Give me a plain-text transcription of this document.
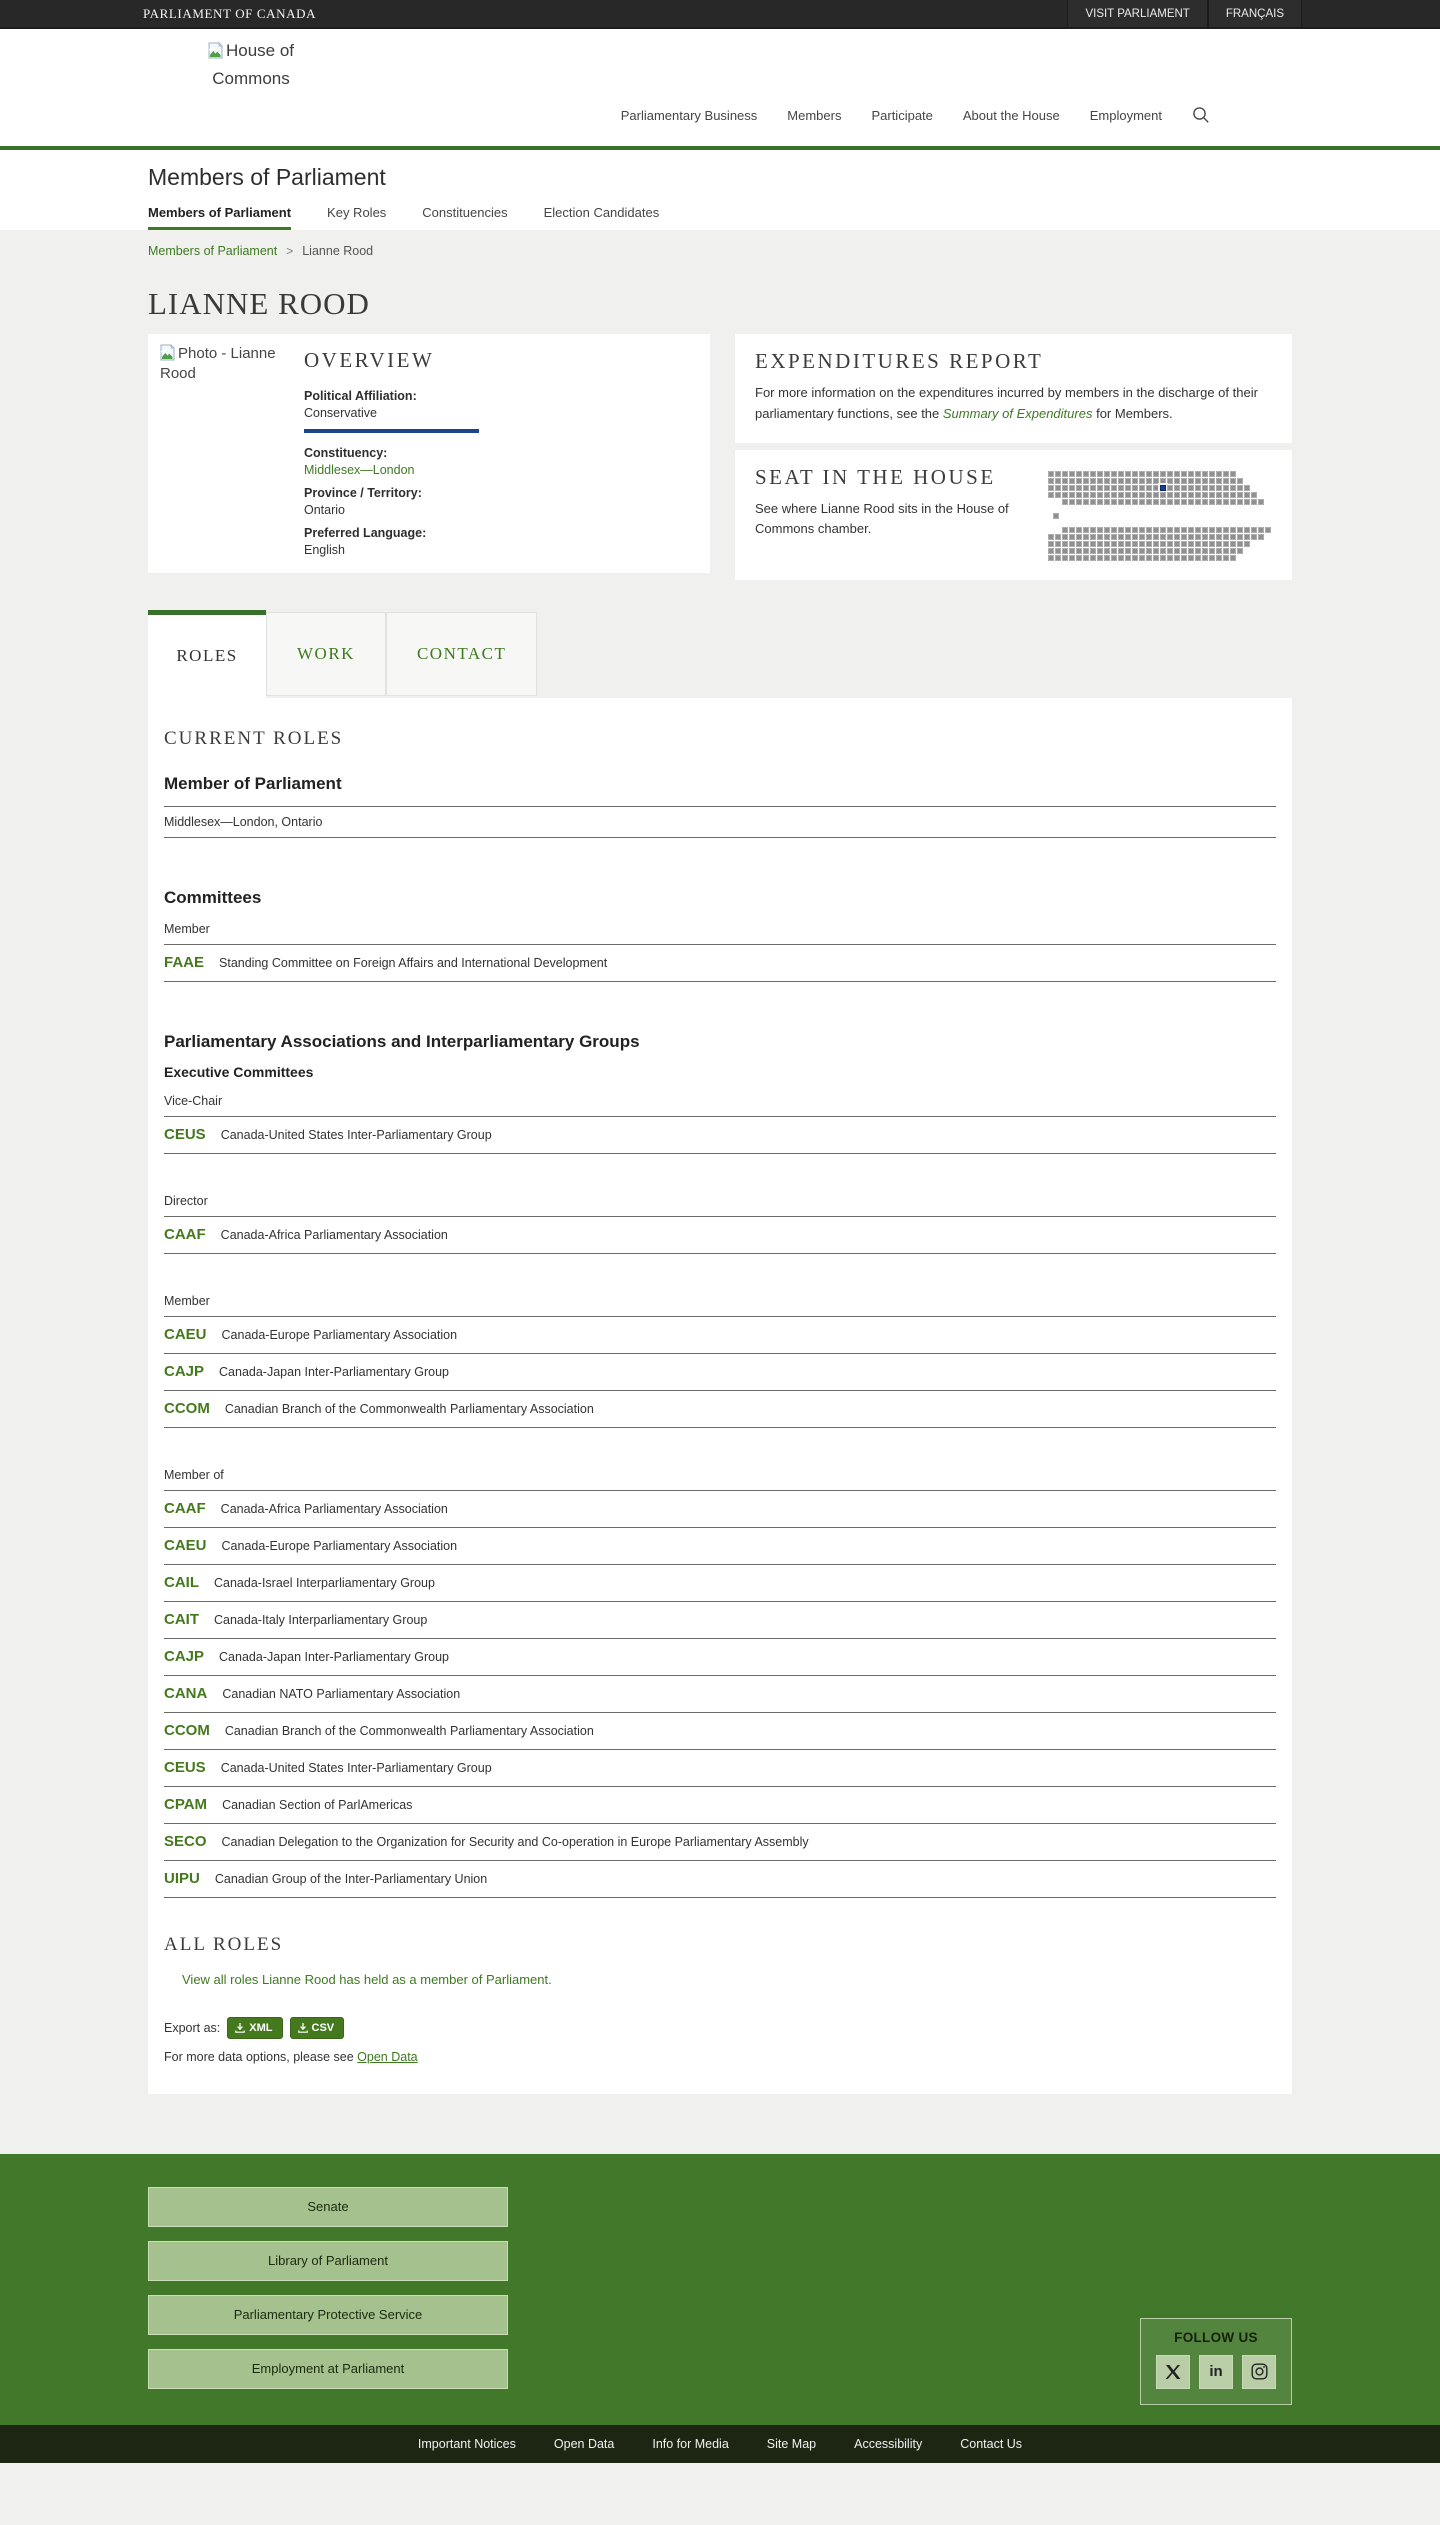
PARLIAMENT OF CANADA	VISIT PARLIAMENT	FRANÇAIS
House of Commons
Parliamentary Business Members Participate About the House Employment
Members of Parliament
Members of Parliament	Key Roles	Constituencies	Election Candidates
Members of Parliament > Lianne Rood
LIANNE ROOD
Photo - Lianne Rood
OVERVIEW
Political Affiliation:
Conservative
Constituency:
Middlesex—London
Province / Territory:
Ontario
Preferred Language:
English
EXPENDITURES REPORT

For more information on the expenditures incurred by members in the discharge of their parliamentary functions, see the Summary of Expenditures for Members.

SEAT IN THE HOUSE

See where Lianne Rood sits in the House of Commons chamber.

ROLES	WORK	CONTACT
CURRENT ROLES
Member of Parliament
Middlesex—London, Ontario
Committees
Member
FAAE Standing Committee on Foreign Affairs and International Development
Parliamentary Associations and Interparliamentary Groups
Executive Committees
Vice-Chair
CEUS Canada-United States Inter-Parliamentary Group
Director
CAAF Canada-Africa Parliamentary Association
Member
CAEU Canada-Europe Parliamentary Association
CAJP Canada-Japan Inter-Parliamentary Group
CCOM Canadian Branch of the Commonwealth Parliamentary Association
Member of
CAAF Canada-Africa Parliamentary Association
CAEU Canada-Europe Parliamentary Association
CAIL Canada-Israel Interparliamentary Group
CAIT Canada-Italy Interparliamentary Group
CAJP Canada-Japan Inter-Parliamentary Group
CANA Canadian NATO Parliamentary Association
CCOM Canadian Branch of the Commonwealth Parliamentary Association
CEUS Canada-United States Inter-Parliamentary Group
CPAM Canadian Section of ParlAmericas
SECO Canadian Delegation to the Organization for Security and Co-operation in Europe Parliamentary Assembly
UIPU Canadian Group of the Inter-Parliamentary Union
ALL ROLES
View all roles Lianne Rood has held as a member of Parliament.
Export as:	XML	CSV
For more data options, please see Open Data
Senate
Library of Parliament
Parliamentary Protective Service
Employment at Parliament
FOLLOW US
in
Important Notices	Open Data	Info for Media	Site Map	Accessibility	Contact Us
